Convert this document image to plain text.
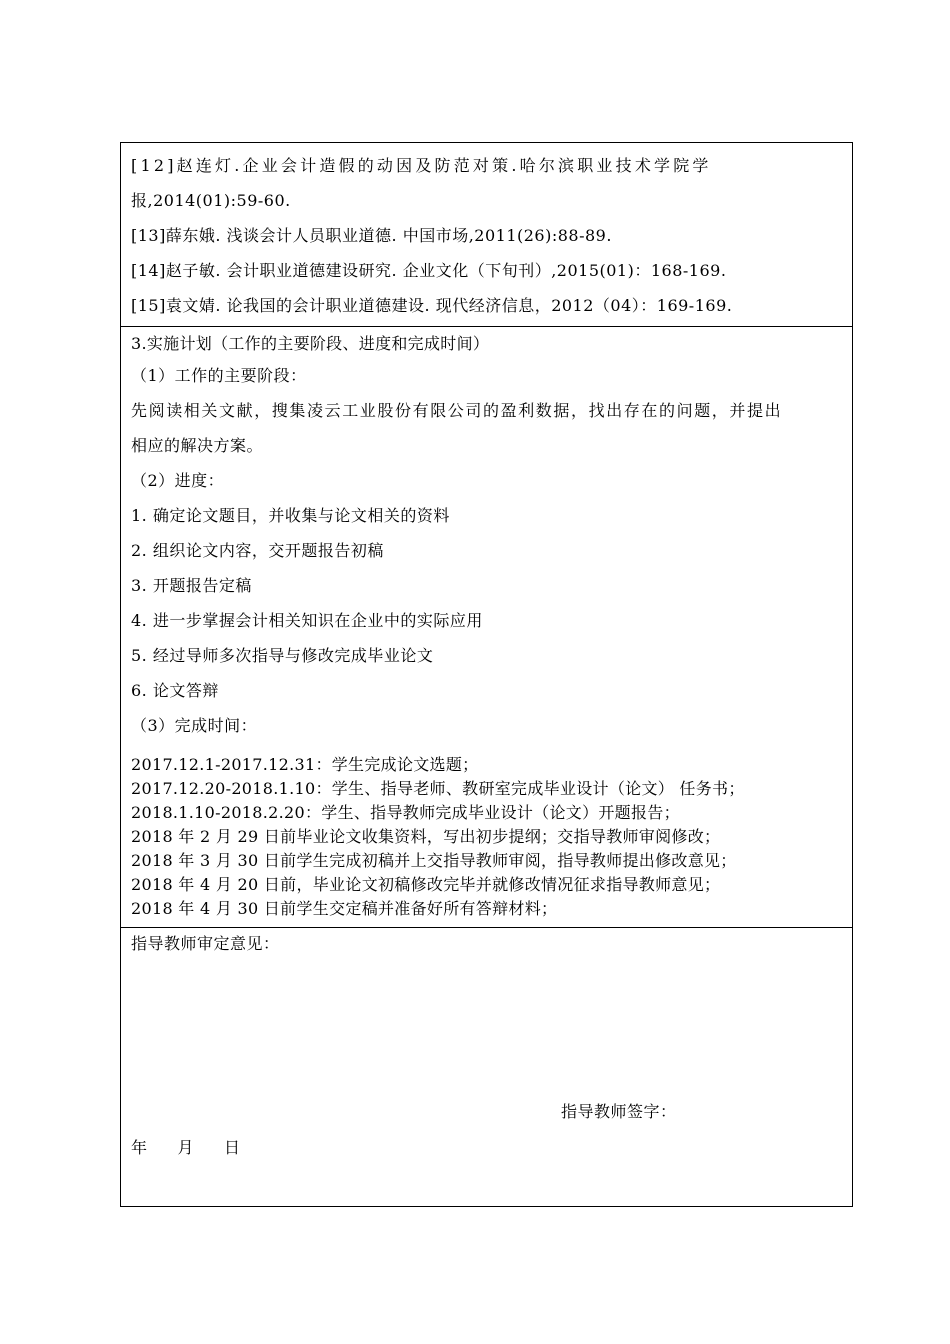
[12]赵连灯.企业会计造假的动因及防范对策.哈尔滨职业技术学院学
报,2014(01):59-60.
[13]薛东娥. 浅谈会计人员职业道德. 中国市场,2011(26):88-89.
[14]赵子敏. 会计职业道德建设研究. 企业文化（下旬刊）,2015(01)：168-169.
[15]袁文婧. 论我国的会计职业道德建设. 现代经济信息，2012（04）：169-169.
3.实施计划（工作的主要阶段、进度和完成时间）
（1）工作的主要阶段：
先阅读相关文献，搜集凌云工业股份有限公司的盈利数据，找出存在的问题，并提出
相应的解决方案。
（2）进度：
1. 确定论文题目，并收集与论文相关的资料
2. 组织论文内容，交开题报告初稿
3. 开题报告定稿
4. 进一步掌握会计相关知识在企业中的实际应用
5. 经过导师多次指导与修改完成毕业论文
6. 论文答辩
（3）完成时间：
2017.12.1-2017.12.31：学生完成论文选题；
2017.12.20-2018.1.10：学生、指导老师、教研室完成毕业设计（论文） 任务书；
2018.1.10-2018.2.20：学生、指导教师完成毕业设计（论文）开题报告；
2018 年 2 月 29 日前毕业论文收集资料，写出初步提纲；交指导教师审阅修改；
2018 年 3 月 30 日前学生完成初稿并上交指导教师审阅，指导教师提出修改意见；
2018 年 4 月 20 日前，毕业论文初稿修改完毕并就修改情况征求指导教师意见；
2018 年 4 月 30 日前学生交定稿并准备好所有答辩材料；
指导教师审定意见：
指导教师签字：
年      月      日
